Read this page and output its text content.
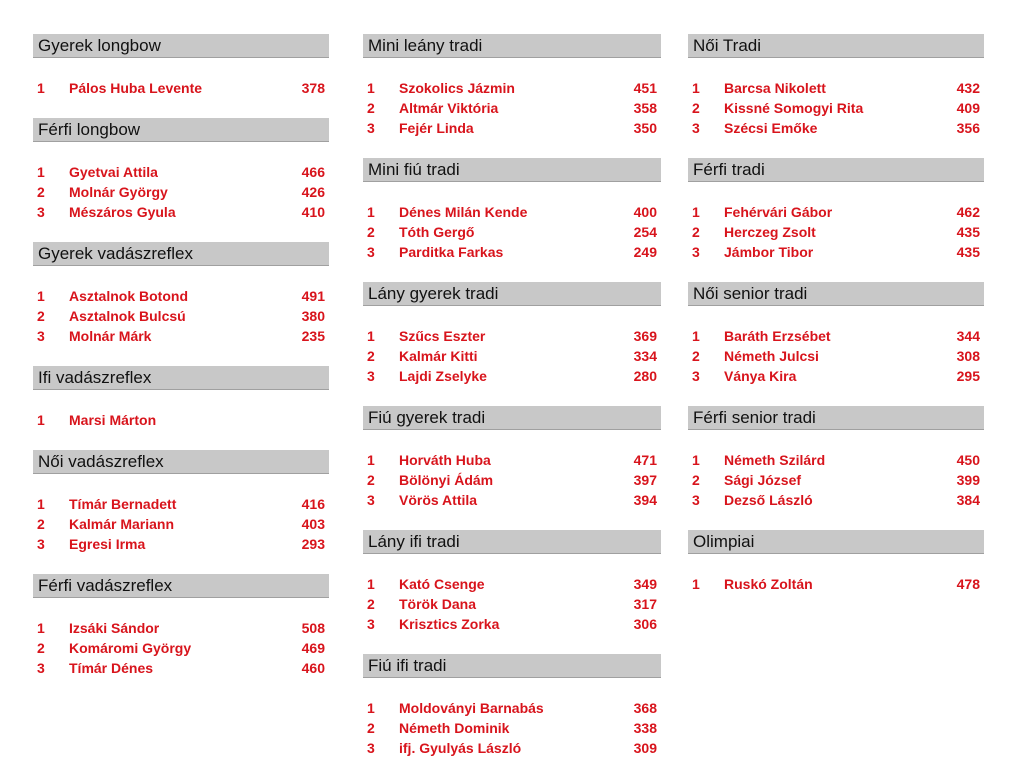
Gyerek longbow
1 Pálos Huba Levente	378
Férfi longbow
1 Gyetvai Attila	466
2 Molnár György	426
3 Mészáros Gyula	410
Gyerek vadászreflex
1 Asztalnok Botond	491
2 Asztalnok Bulcsú	380
3 Molnár Márk	235
Ifi vadászreflex
1 Marsi Márton
Női vadászreflex
1 Tímár Bernadett	416
2 Kalmár Mariann	403
3 Egresi Irma	293
Férfi vadászreflex
1 Izsáki Sándor	508
2 Komáromi György	469
3 Tímár Dénes	460
Mini leány tradi
1 Szokolics Jázmin	451
2 Altmár Viktória	358
3 Fejér Linda	350
Mini fiú tradi
1 Dénes Milán Kende	400
2 Tóth Gergő	254
3 Parditka Farkas	249
Lány gyerek tradi
1 Szűcs Eszter	369
2 Kalmár Kitti	334
3 Lajdi Zselyke	280
Fiú gyerek tradi
1 Horváth Huba	471
2 Bölönyi Ádám	397
3 Vörös Attila	394
Lány ifi tradi
1 Kató Csenge	349
2 Török Dana	317
3 Krisztics Zorka	306
Fiú ifi tradi
1 Moldoványi Barnabás	368
2 Németh Dominik	338
3 ifj. Gyulyás László	309
Női Tradi
1 Barcsa Nikolett	432
2 Kissné Somogyi Rita	409
3 Szécsi Emőke	356
Férfi tradi
1 Fehérvári Gábor	462
2 Herczeg Zsolt	435
3 Jámbor Tibor	435
Női senior tradi
1 Baráth Erzsébet	344
2 Németh Julcsi	308
3 Ványa Kira	295
Férfi senior tradi
1 Németh Szilárd	450
2 Sági József	399
3 Dezső László	384
Olimpiai
1 Ruskó Zoltán	478
